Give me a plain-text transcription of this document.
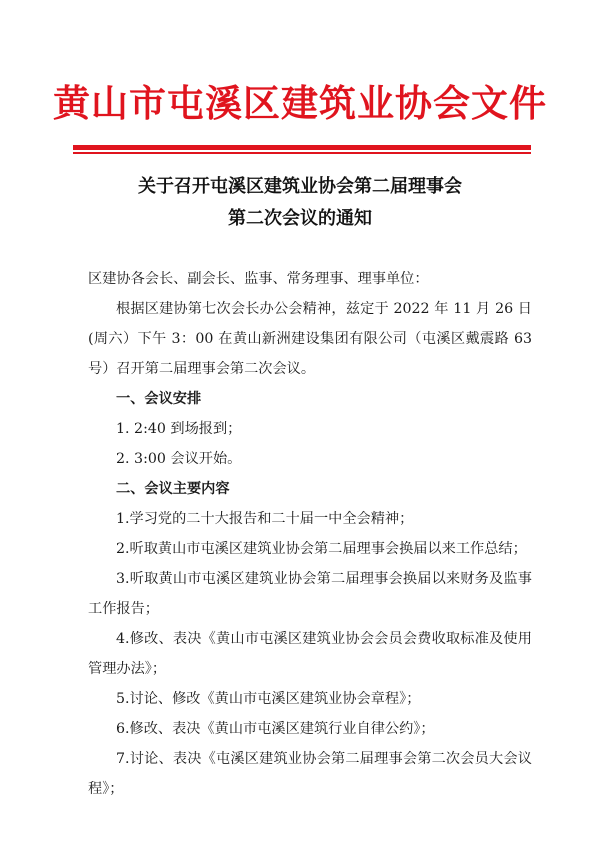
黄山市屯溪区建筑业协会文件
关于召开屯溪区建筑业协会第二届理事会
第二次会议的通知

区建协各会长、副会长、监事、常务理事、理事单位：

根据区建协第七次会长办公会精神，兹定于 2022 年 11 月 26 日(周六）下午 3：00 在黄山新洲建设集团有限公司（屯溪区戴震路 63 号）召开第二届理事会第二次会议。

一、会议安排

1. 2:40 到场报到；

2. 3:00 会议开始。

二、会议主要内容

1.学习党的二十大报告和二十届一中全会精神；

2.听取黄山市屯溪区建筑业协会第二届理事会换届以来工作总结；

3.听取黄山市屯溪区建筑业协会第二届理事会换届以来财务及监事工作报告；

4.修改、表决《黄山市屯溪区建筑业协会会员会费收取标准及使用管理办法》；

5.讨论、修改《黄山市屯溪区建筑业协会章程》；

6.修改、表决《黄山市屯溪区建筑行业自律公约》；

7.讨论、表决《屯溪区建筑业协会第二届理事会第二次会员大会议程》；
